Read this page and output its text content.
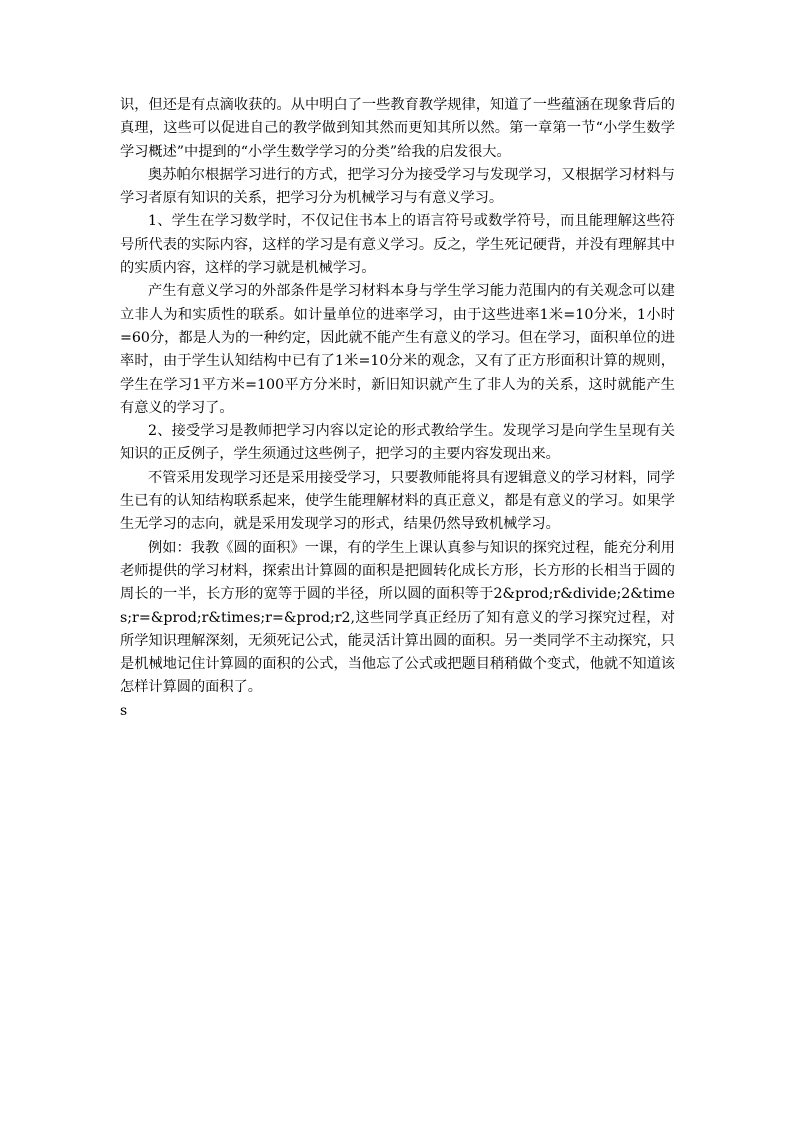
识，但还是有点滴收获的。从中明白了一些教育教学规律，知道了一些蕴涵在现象背后的真理，这些可以促进自己的教学做到知其然而更知其所以然。第一章第一节“小学生数学学习概述”中提到的“小学生数学学习的分类”给我的启发很大。

奥苏帕尔根据学习进行的方式，把学习分为接受学习与发现学习，又根据学习材料与学习者原有知识的关系，把学习分为机械学习与有意义学习。

1、学生在学习数学时，不仅记住书本上的语言符号或数学符号，而且能理解这些符号所代表的实际内容，这样的学习是有意义学习。反之，学生死记硬背，并没有理解其中的实质内容，这样的学习就是机械学习。

产生有意义学习的外部条件是学习材料本身与学生学习能力范围内的有关观念可以建立非人为和实质性的联系。如计量单位的进率学习，由于这些进率1米=10分米，1小时=60分，都是人为的一种约定，因此就不能产生有意义的学习。但在学习，面积单位的进率时，由于学生认知结构中已有了1米=10分米的观念，又有了正方形面积计算的规则，学生在学习1平方米=100平方分米时，新旧知识就产生了非人为的关系，这时就能产生有意义的学习了。

2、接受学习是教师把学习内容以定论的形式教给学生。发现学习是向学生呈现有关知识的正反例子，学生须通过这些例子，把学习的主要内容发现出来。

不管采用发现学习还是采用接受学习，只要教师能将具有逻辑意义的学习材料，同学生已有的认知结构联系起来，使学生能理解材料的真正意义，都是有意义的学习。如果学生无学习的志向，就是采用发现学习的形式，结果仍然导致机械学习。

例如：我教《圆的面积》一课，有的学生上课认真参与知识的探究过程，能充分利用老师提供的学习材料，探索出计算圆的面积是把圆转化成长方形，长方形的长相当于圆的周长的一半，长方形的宽等于圆的半径，所以圆的面积等于2&prod;r&divide;2&times;r=&prod;r&times;r=&prod;r2,这些同学真正经历了知有意义的学习探究过程，对所学知识理解深刻，无须死记公式，能灵活计算出圆的面积。另一类同学不主动探究，只是机械地记住计算圆的面积的公式，当他忘了公式或把题目稍稍做个变式，他就不知道该怎样计算圆的面积了。

s
